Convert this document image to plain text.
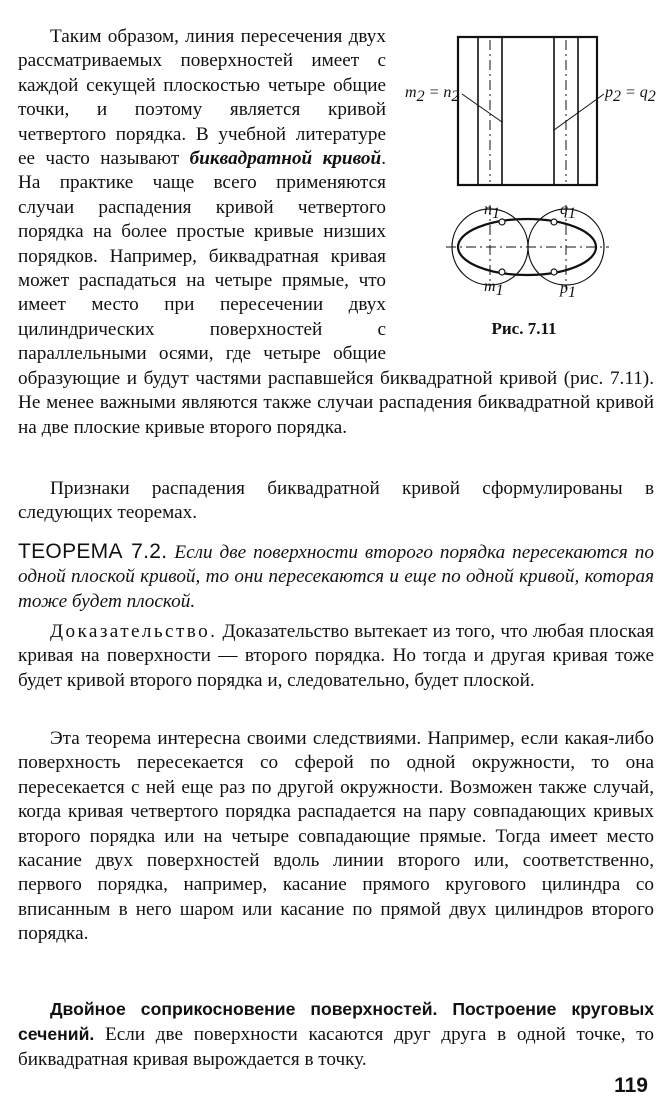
m2 = n2	p2 = q2
n1	q1
m1	p1
Рис. 7.11

Таким образом, линия пересечения двух рассматриваемых поверхностей имеет с каждой секущей плоскостью четыре общие точки, и поэтому является кривой четвертого порядка. В учебной литературе ее часто называют биквадратной кривой. На практике чаще всего применяются случаи распадения кривой четвертого порядка на более простые кривые низших порядков. Например, биквадратная кривая может распадаться на четыре прямые, что имеет место при пересечении двух цилиндрических поверхностей с параллельными осями, где четыре общие образующие и будут частями распавшейся биквадратной кривой (рис. 7.11). Не менее важными являются также случаи распадения биквадратной кривой на две плоские кривые второго порядка.

Признаки распадения биквадратной кривой сформулированы в следующих теоремах.

ТЕОРЕМА 7.2. Если две поверхности второго порядка пересекаются по одной плоской кривой, то они пересекаются и еще по одной кривой, которая тоже будет плоской.

Доказательство. Доказательство вытекает из того, что любая плоская кривая на поверхности — второго порядка. Но тогда и другая кривая тоже будет кривой второго порядка и, следовательно, будет плоской.

Эта теорема интересна своими следствиями. Например, если какая-либо поверхность пересекается со сферой по одной окружности, то она пересекается с ней еще раз по другой окружности. Возможен также случай, когда кривая четвертого порядка распадается на пару совпадающих кривых второго порядка или на четыре совпадающие прямые. Тогда имеет место касание двух поверхностей вдоль линии второго или, соответственно, первого порядка, например, касание прямого кругового цилиндра со вписанным в него шаром или касание по прямой двух цилиндров второго порядка.

Двойное соприкосновение поверхностей. Построение круговых сечений. Если две поверхности касаются друг друга в одной точке, то биквадратная кривая вырождается в точку.

119
